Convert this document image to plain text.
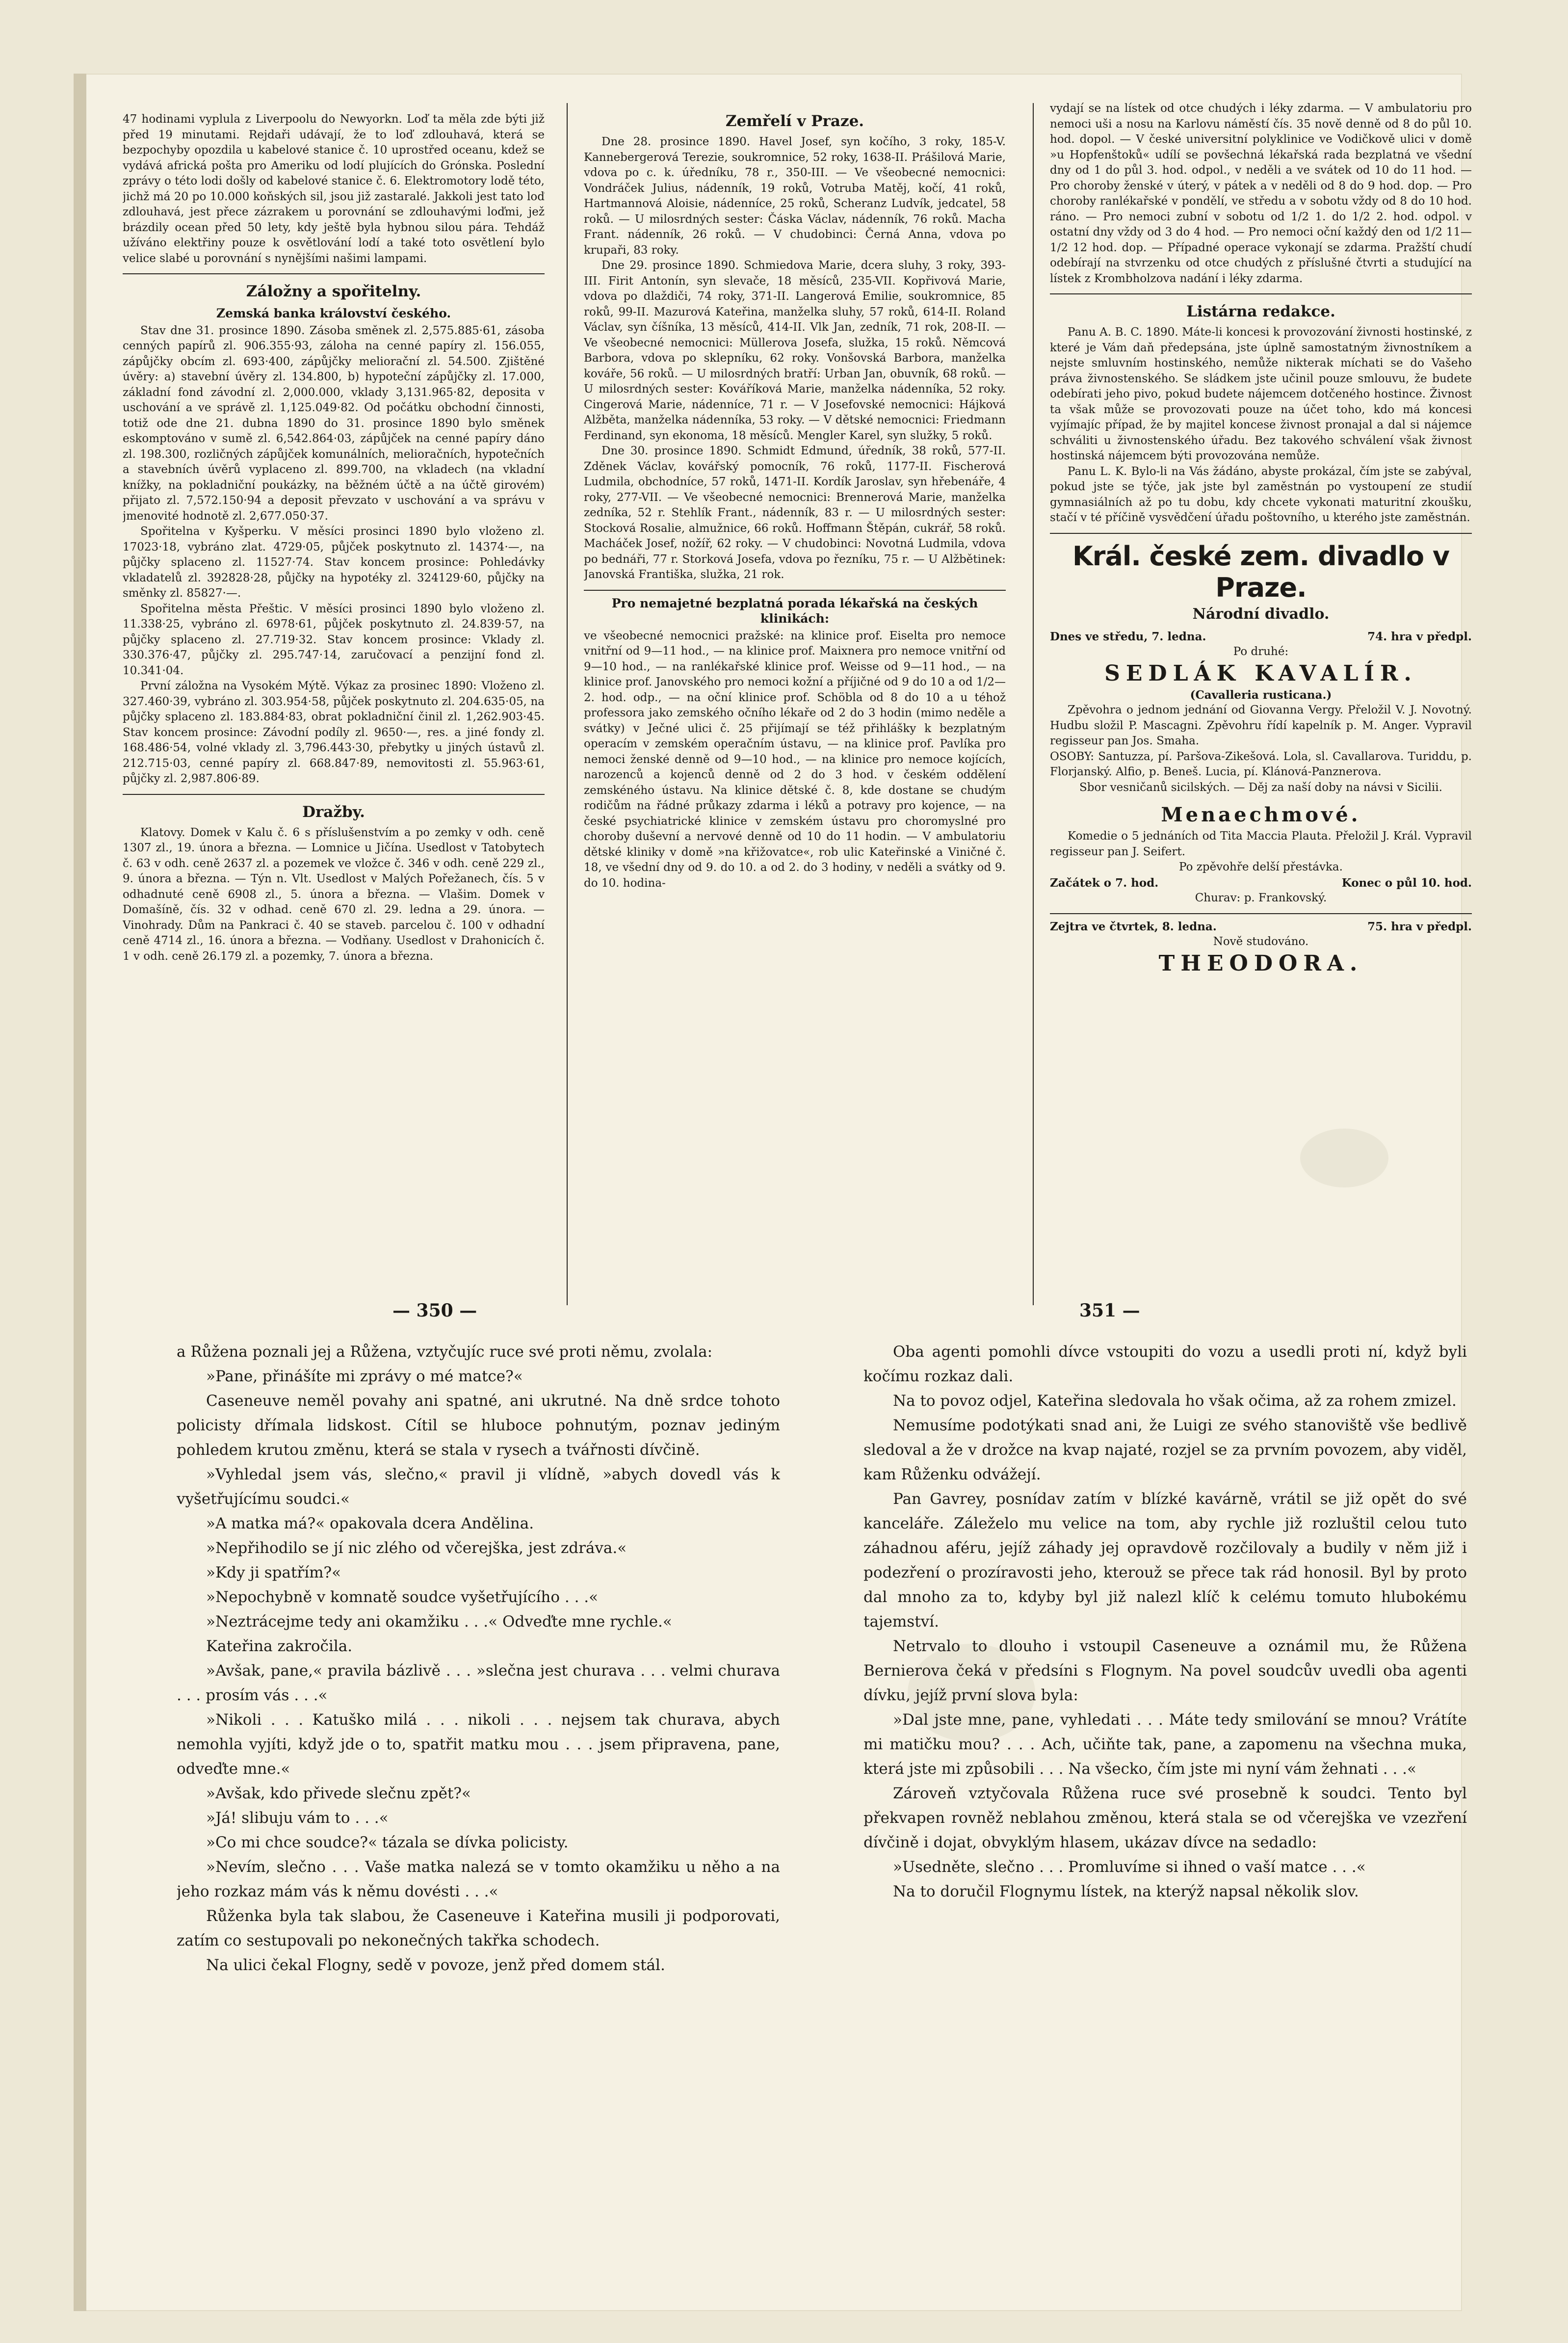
47 hodinami vyplula z Liverpoolu do Newyorkn. Loď ta měla zde býti již před 19 minutami. Rejdaři udávají, že to loď zdlouhavá, která se bezpochyby opozdila u kabelové stanice č. 10 uprostřed oceanu, kdež se vydává africká pošta pro Ameriku od lodí plujících do Grónska. Poslední zprávy o této lodi došly od kabelové stanice č. 6. Elektromotory lodě této, jichž má 20 po 10.000 koňských sil, jsou již zastaralé. Jakkoli jest tato loď zdlouhavá, jest přece zázrakem u porovnání se zdlouhavými loďmi, jež brázdily ocean před 50 lety, kdy ještě byla hybnou silou pára. Tehdáž užíváno elektřiny pouze k osvětlování lodí a také toto osvětlení bylo velice slabé u porovnání s nynějšími našimi lampami.

Záložny a spořitelny.
Zemská banka království českého.

Stav dne 31. prosince 1890. Zásoba směnek zl. 2,575.885·61, zásoba cenných papírů zl. 906.355·93, záloha na cenné papíry zl. 156.055, zápůjčky obcím zl. 693·400, zápůjčky meliorační zl. 54.500. Zjištěné úvěry: a) stavební úvěry zl. 134.800, b) hypoteční zápůjčky zl. 17.000, základní fond závodní zl. 2,000.000, vklady 3,131.965·82, deposita v uschování a ve správě zl. 1,125.049·82. Od počátku obchodní činnosti, totiž ode dne 21. dubna 1890 do 31. prosince 1890 bylo směnek eskomptováno v sumě zl. 6,542.864·03, zápůjček na cenné papíry dáno zl. 198.300, rozličných zápůjček komunálních, melioračních, hypotečních a stavebních úvěrů vyplaceno zl. 899.700, na vkladech (na vkladní knížky, na pokladniční poukázky, na běžném účtě a na účtě girovém) přijato zl. 7,572.150·94 a deposit převzato v uschování a va správu v jmenovité hodnotě zl. 2,677.050·37.

Spořitelna v Kyšperku. V měsíci prosinci 1890 bylo vloženo zl. 17023·18, vybráno zlat. 4729·05, půjček poskytnuto zl. 14374·—, na půjčky splaceno zl. 11527·74. Stav koncem prosince: Pohledávky vkladatelů zl. 392828·28, půjčky na hypotéky zl. 324129·60, půjčky na směnky zl. 85827·—.

Spořitelna města Přeštic. V měsíci prosinci 1890 bylo vloženo zl. 11.338·25, vybráno zl. 6978·61, půjček poskytnuto zl. 24.839·57, na půjčky splaceno zl. 27.719·32. Stav koncem prosince: Vklady zl. 330.376·47, půjčky zl. 295.747·14, zaručovací a penzijní fond zl. 10.341·04.

První záložna na Vysokém Mýtě. Výkaz za prosinec 1890: Vloženo zl. 327.460·39, vybráno zl. 303.954·58, půjček poskytnuto zl. 204.635·05, na půjčky splaceno zl. 183.884·83, obrat pokladniční činil zl. 1,262.903·45. Stav koncem prosince: Závodní podíly zl. 9650·—, res. a jiné fondy zl. 168.486·54, volné vklady zl. 3,796.443·30, přebytky u jiných ústavů zl. 212.715·03, cenné papíry zl. 668.847·89, nemovitosti zl. 55.963·61, půjčky zl. 2,987.806·89.

Dražby.

Klatovy. Domek v Kalu č. 6 s příslušenstvím a po zemky v odh. ceně 1307 zl., 19. února a března. — Lomnice u Jičína. Usedlost v Tatobytech č. 63 v odh. ceně 2637 zl. a pozemek ve vložce č. 346 v odh. ceně 229 zl., 9. února a března. — Týn n. Vlt. Usedlost v Malých Pořežanech, čís. 5 v odhadnuté ceně 6908 zl., 5. února a března. — Vlašim. Domek v Domašíně, čís. 32 v odhad. ceně 670 zl. 29. ledna a 29. února. — Vinohrady. Dům na Pankraci č. 40 se staveb. parcelou č. 100 v odhadní ceně 4714 zl., 16. února a března. — Vodňany. Usedlost v Drahonicích č. 1 v odh. ceně 26.179 zl. a pozemky, 7. února a března.

Zemřelí v Praze.

Dne 28. prosince 1890. Havel Josef, syn kočího, 3 roky, 185-V. Kannebergerová Terezie, soukromnice, 52 roky, 1638-II. Prášilová Marie, vdova po c. k. úředníku, 78 r., 350-III. — Ve všeobecné nemocnici: Vondráček Julius, nádenník, 19 roků, Votruba Matěj, kočí, 41 roků, Hartmannová Aloisie, nádenníce, 25 roků, Scheranz Ludvík, jedcatel, 58 roků. — U milosrdných sester: Čáska Václav, nádenník, 76 roků. Macha Frant. nádenník, 26 roků. — V chudobinci: Černá Anna, vdova po krupaři, 83 roky.

Dne 29. prosince 1890. Schmiedova Marie, dcera sluhy, 3 roky, 393-III. Firit Antonín, syn slevače, 18 měsíců, 235-VII. Kopřivová Marie, vdova po dlaždiči, 74 roky, 371-II. Langerová Emilie, soukromnice, 85 roků, 99-II. Mazurová Kateřina, manželka sluhy, 57 roků, 614-II. Roland Václav, syn číšníka, 13 měsíců, 414-II. Vlk Jan, zedník, 71 rok, 208-II. — Ve všeobecné nemocnici: Müllerova Josefa, služka, 15 roků. Němcová Barbora, vdova po sklepníku, 62 roky. Vonšovská Barbora, manželka kováře, 56 roků. — U milosrdných bratří: Urban Jan, obuvník, 68 roků. — U milosrdných sester: Kováříková Marie, manželka nádenníka, 52 roky. Cingerová Marie, nádenníce, 71 r. — V Josefovské nemocnici: Hájková Alžběta, manželka nádenníka, 53 roky. — V dětské nemocnici: Friedmann Ferdinand, syn ekonoma, 18 měsíců. Mengler Karel, syn služky, 5 roků.

Dne 30. prosince 1890. Schmidt Edmund, úředník, 38 roků, 577-II. Zděnek Václav, kovářský pomocník, 76 roků, 1177-II. Fischerová Ludmila, obchodníce, 57 roků, 1471-II. Kordík Jaroslav, syn hřebenáře, 4 roky, 277-VII. — Ve všeobecné nemocnici: Brennerová Marie, manželka zedníka, 52 r. Stehlík Frant., nádenník, 83 r. — U milosrdných sester: Stocková Rosalie, almužnice, 66 roků. Hoffmann Štěpán, cukrář, 58 roků. Macháček Josef, nožíř, 62 roky. — V chudobinci: Novotná Ludmila, vdova po bednáři, 77 r. Storková Josefa, vdova po řezníku, 75 r. — U Alžbětinek: Janovská Františka, služka, 21 rok.

Pro nemajetné bezplatná porada lékařská na českých klinikách:

ve všeobecné nemocnici pražské: na klinice prof. Eiselta pro nemoce vnitřní od 9—11 hod., — na klinice prof. Maixnera pro nemoce vnitřní od 9—10 hod., — na ranlékařské klinice prof. Weisse od 9—11 hod., — na klinice prof. Janovského pro nemoci kožní a příjičné od 9 do 10 a od 1/2—2. hod. odp., — na oční klinice prof. Schöbla od 8 do 10 a u téhož professora jako zemského očního lékaře od 2 do 3 hodin (mimo neděle a svátky) v Ječné ulici č. 25 přijímají se též přihlášky k bezplatným operacím v zemském operačním ústavu, — na klinice prof. Pavlíka pro nemoci ženské denně od 9—10 hod., — na klinice pro nemoce kojících, narozenců a kojenců denně od 2 do 3 hod. v českém oddělení zemskéného ústavu. Na klinice dětské č. 8, kde dostane se chudým rodičům na řádné průkazy zdarma i léků a potravy pro kojence, — na české psychiatrické klinice v zemském ústavu pro choromyslné pro choroby duševní a nervové denně od 10 do 11 hodin. — V ambulatoriu dětské kliniky v domě »na křižovatce«, rob ulic Kateřinské a Viničné č. 18, ve všední dny od 9. do 10. a od 2. do 3 hodiny, v neděli a svátky od 9. do 10. hodina-

vydají se na lístek od otce chudých i léky zdarma. — V ambulatoriu pro nemoci uši a nosu na Karlovu náměstí čís. 35 nově denně od 8 do půl 10. hod. dopol. — V české universitní polyklinice ve Vodičkově ulici v domě »u Hopfenštoků« udílí se povšechná lékařská rada bezplatná ve všední dny od 1 do půl 3. hod. odpol., v neděli a ve svátek od 10 do 11 hod. — Pro choroby ženské v úterý, v pátek a v neděli od 8 do 9 hod. dop. — Pro choroby ranlékařské v pondělí, ve středu a v sobotu vždy od 8 do 10 hod. ráno. — Pro nemoci zubní v sobotu od 1/2 1. do 1/2 2. hod. odpol. v ostatní dny vždy od 3 do 4 hod. — Pro nemoci oční každý den od 1/2 11—1/2 12 hod. dop. — Případné operace vykonají se zdarma. Pražští chudí odebírají na stvrzenku od otce chudých z příslušné čtvrti a studující na lístek z Krombholzova nadání i léky zdarma.

Listárna redakce.

Panu A. B. C. 1890. Máte-li koncesi k provozování živnosti hostinské, z které je Vám daň předepsána, jste úplně samostatným živnostníkem a nejste smluvním hostinského, nemůže nikterak míchati se do Vašeho práva živnostenského. Se sládkem jste učinil pouze smlouvu, že budete odebírati jeho pivo, pokud budete nájemcem dotčeného hostince. Živnost ta však může se provozovati pouze na účet toho, kdo má koncesi vyjímajíc případ, že by majitel koncese živnost pronajal a dal si nájemce schváliti u živnostenského úřadu. Bez takového schválení však živnost hostinská nájemcem býti provozována nemůže.

Panu L. K. Bylo-li na Vás žádáno, abyste prokázal, čím jste se zabýval, pokud jste se týče, jak jste byl zaměstnán po vystoupení ze studií gymnasiálních až po tu dobu, kdy chcete vykonati maturitní zkoušku, stačí v té příčině vysvědčení úřadu poštovního, u kterého jste zaměstnán.

Král. české zem. divadlo v Praze.
Národní divadlo.
Dnes ve středu, 7. ledna.	74. hra v předpl.
Po druhé:
SEDLÁK KAVALÍR.
(Cavalleria rusticana.)

Zpěvohra o jednom jednání od Giovanna Vergy. Přeložil V. J. Novotný. Hudbu složil P. Mascagni. Zpěvohru řídí kapelník p. M. Anger. Vypravil regisseur pan Jos. Smaha.

OSOBY: Santuzza, pí. Paršova-Zikešová. Lola, sl. Cavallarova. Turiddu, p. Florjanský. Alfio, p. Beneš. Lucia, pí. Klánová-Panznerova.

Sbor vesničanů sicilských. — Děj za naší doby na návsi v Sicilii.

Menaechmové.

Komedie o 5 jednáních od Tita Maccia Plauta. Přeložil J. Král. Vypravil regisseur pan J. Seifert.

Po zpěvohře delší přestávka.
Začátek o 7. hod.	Konec o půl 10. hod.
Churav: p. Frankovský.
Zejtra ve čtvrtek, 8. ledna.	75. hra v předpl.
Nově studováno.
THEODORA.
— 350 —	351 —

a Růžena poznali jej a Růžena, vztyčujíc ruce své proti němu, zvolala:

»Pane, přinášíte mi zprávy o mé matce?«

Caseneuve neměl povahy ani spatné, ani ukrutné. Na dně srdce tohoto policisty dřímala lidskost. Cítil se hluboce pohnutým, poznav jediným pohledem krutou změnu, která se stala v rysech a tvářnosti dívčině.

»Vyhledal jsem vás, slečno,« pravil ji vlídně, »abych dovedl vás k vyšetřujícímu soudci.«

»A matka má?« opakovala dcera Andělina.

»Nepřihodilo se jí nic zlého od včerejška, jest zdráva.«

»Kdy ji spatřím?«

»Nepochybně v komnatě soudce vyšetřujícího . . .«

»Neztrácejme tedy ani okamžiku . . .« Odveďte mne rychle.«

Kateřina zakročila.

»Avšak, pane,« pravila bázlivě . . . »slečna jest churava . . . velmi churava . . . prosím vás . . .«

»Nikoli . . . Katuško milá . . . nikoli . . . nejsem tak churava, abych nemohla vyjíti, když jde o to, spatřit matku mou . . . jsem připravena, pane, odveďte mne.«

»Avšak, kdo přivede slečnu zpět?«

»Já! slibuju vám to . . .«

»Co mi chce soudce?« tázala se dívka policisty.

»Nevím, slečno . . . Vaše matka nalezá se v tomto okamžiku u něho a na jeho rozkaz mám vás k němu dovésti . . .«

Růženka byla tak slabou, že Caseneuve i Kateřina musili ji podporovati, zatím co sestupovali po nekonečných takřka schodech.

Na ulici čekal Flogny, sedě v povoze, jenž před domem stál.

Oba agenti pomohli dívce vstoupiti do vozu a usedli proti ní, když byli kočímu rozkaz dali.

Na to povoz odjel, Kateřina sledovala ho však očima, až za rohem zmizel.

Nemusíme podotýkati snad ani, že Luigi ze svého stanoviště vše bedlivě sledoval a že v drožce na kvap najaté, rozjel se za prvním povozem, aby viděl, kam Růženku odvážejí.

Pan Gavrey, posnídav zatím v blízké kavárně, vrátil se již opět do své kanceláře. Záleželo mu velice na tom, aby rychle již rozluštil celou tuto záhadnou aféru, jejíž záhady jej opravdově rozčilovaly a budily v něm již i podezření o prozíravosti jeho, kterouž se přece tak rád honosil. Byl by proto dal mnoho za to, kdyby byl již nalezl klíč k celému tomuto hlubokému tajemství.

Netrvalo to dlouho i vstoupil Caseneuve a oznámil mu, že Růžena Bernierova čeká v předsíni s Flognym. Na povel soudcův uvedli oba agenti dívku, jejíž první slova byla:

»Dal jste mne, pane, vyhledati . . . Máte tedy smilování se mnou? Vrátíte mi matičku mou? . . . Ach, učiňte tak, pane, a zapomenu na všechna muka, která jste mi způsobili . . . Na všecko, čím jste mi nyní vám žehnati . . .«

Zároveň vztyčovala Růžena ruce své prosebně k soudci. Tento byl překvapen rovněž neblahou změnou, která stala se od včerejška ve vzezření dívčině i dojat, obvyklým hlasem, ukázav dívce na sedadlo:

»Usedněte, slečno . . . Promluvíme si ihned o vaší matce . . .«

Na to doručil Flognymu lístek, na kterýž napsal několik slov.
